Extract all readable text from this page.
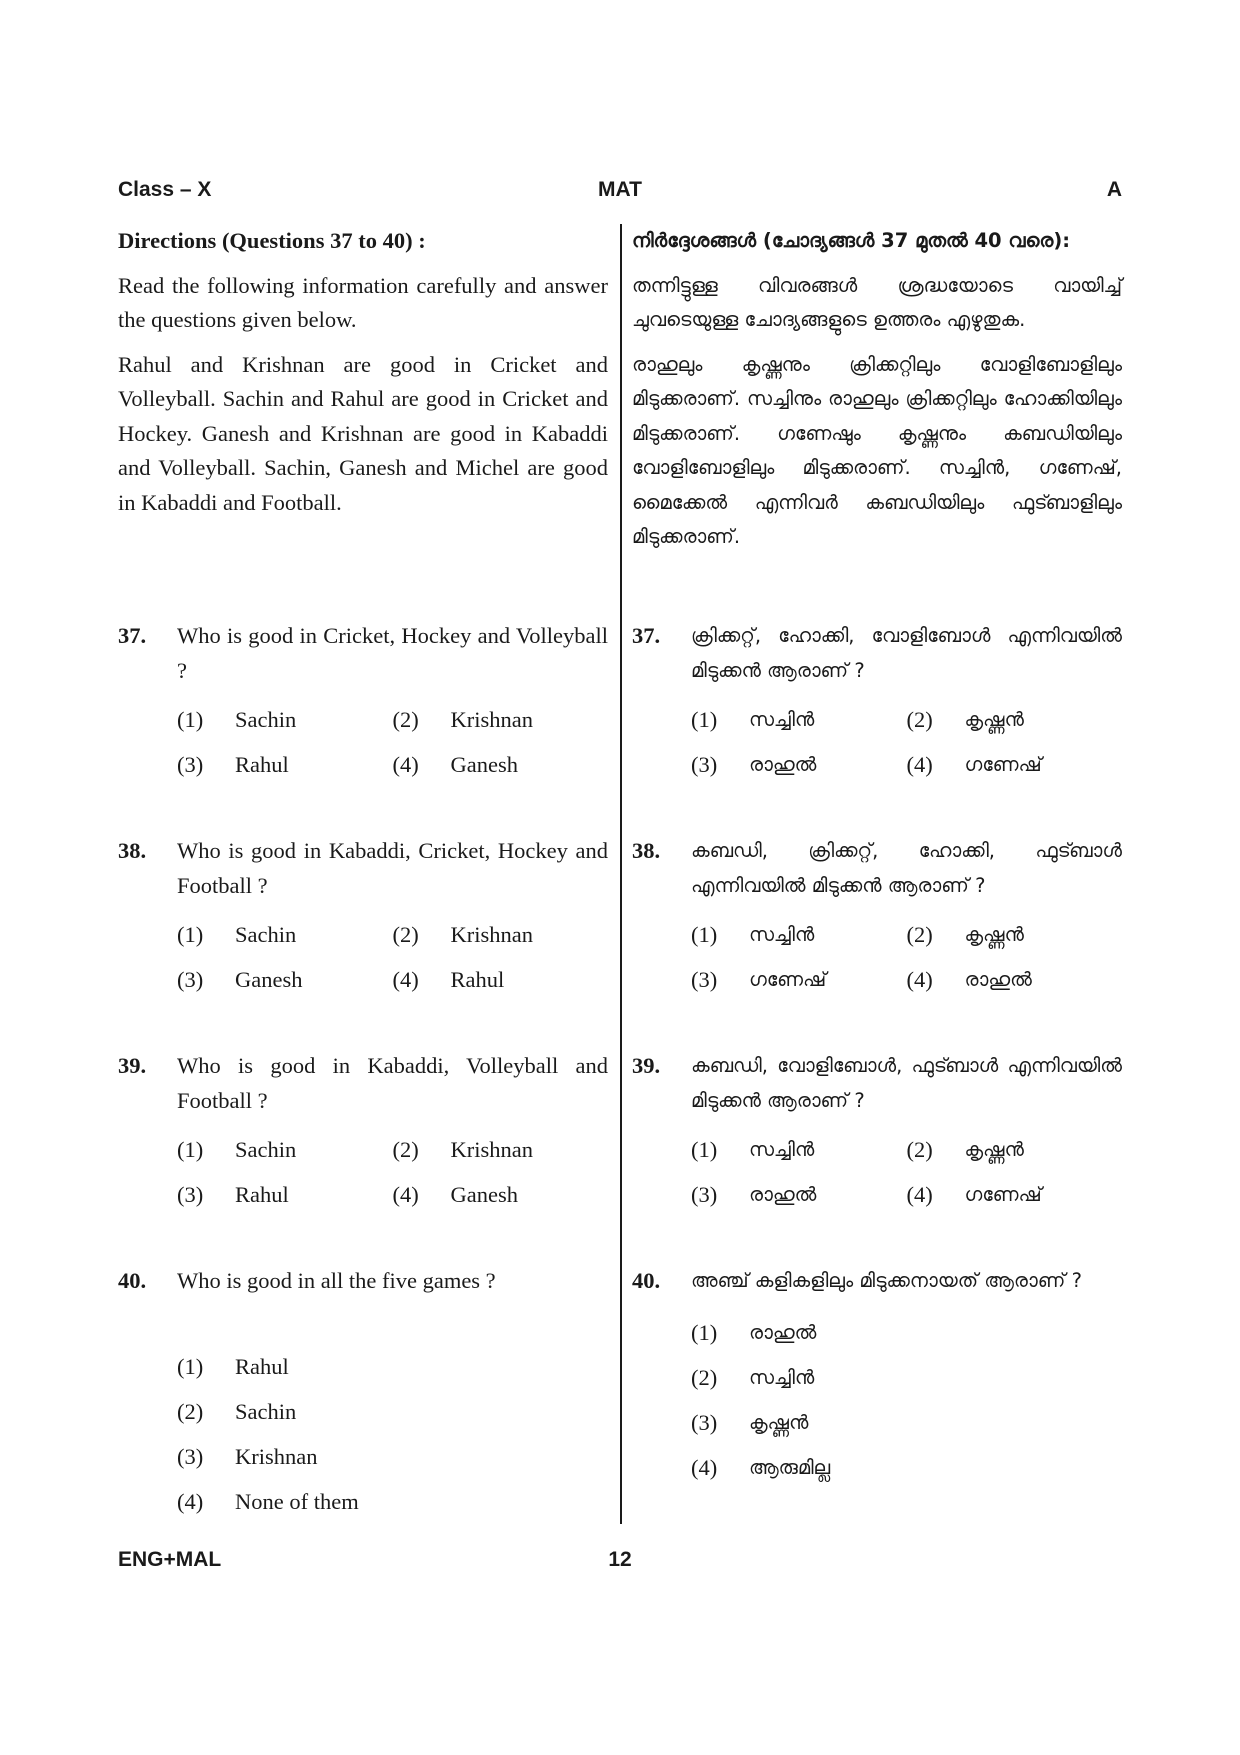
Class – X	MAT	A
Directions (Questions 37 to 40) :
Read the following information carefully and answer the questions given below.
Rahul and Krishnan are good in Cricket and Volleyball. Sachin and Rahul are good in Cricket and Hockey. Ganesh and Krishnan are good in Kabaddi and Volleyball. Sachin, Ganesh and Michel are good in Kabaddi and Football.
37. Who is good in Cricket, Hockey and Volleyball ?
(1)	Sachin	(2)	Krishnan
(3)	Rahul	(4)	Ganesh
38. Who is good in Kabaddi, Cricket, Hockey and Football ?
(1)	Sachin	(2)	Krishnan
(3)	Ganesh	(4)	Rahul
39. Who is good in Kabaddi, Volleyball and Football ?
(1)	Sachin	(2)	Krishnan
(3)	Rahul	(4)	Ganesh
40. Who is good in all the five games ?
(1)	Rahul
(2)	Sachin
(3)	Krishnan
(4)	None of them
നിർദ്ദേശങ്ങൾ (ചോദ്യങ്ങൾ 37 മുതൽ 40 വരെ):
തന്നിട്ടുള്ള വിവരങ്ങൾ ശ്രദ്ധയോടെ വായിച്ച് ചുവടെയുള്ള ചോദ്യങ്ങളുടെ ഉത്തരം എഴുതുക.
രാഹുലും കൃഷ്ണനും ക്രിക്കറ്റിലും വോളിബോളിലും മിടുക്കരാണ്. സച്ചിനും രാഹുലും ക്രിക്കറ്റിലും ഹോക്കിയിലും മിടുക്കരാണ്. ഗണേഷും കൃഷ്ണനും കബഡിയിലും വോളിബോളിലും മിടുക്കരാണ്. സച്ചിൻ, ഗണേഷ്, മൈക്കേൽ എന്നിവർ കബഡിയിലും ഫുട്ബാളിലും മിടുക്കരാണ്.
37. ക്രിക്കറ്റ്, ഹോക്കി, വോളിബോൾ എന്നിവയിൽ മിടുക്കൻ ആരാണ് ?
(1)	സച്ചിൻ	(2)	കൃഷ്ണൻ
(3)	രാഹുൽ	(4)	ഗണേഷ്
38. കബഡി, ക്രിക്കറ്റ്, ഹോക്കി, ഫുട്ബാൾ എന്നിവയിൽ മിടുക്കൻ ആരാണ് ?
(1)	സച്ചിൻ	(2)	കൃഷ്ണൻ
(3)	ഗണേഷ്	(4)	രാഹുൽ
39. കബഡി, വോളിബോൾ, ഫുട്ബാൾ എന്നിവയിൽ മിടുക്കൻ ആരാണ് ?
(1)	സച്ചിൻ	(2)	കൃഷ്ണൻ
(3)	രാഹുൽ	(4)	ഗണേഷ്
40. അഞ്ച് കളികളിലും മിടുക്കനായത് ആരാണ് ?
(1)	രാഹുൽ
(2)	സച്ചിൻ
(3)	കൃഷ്ണൻ
(4)	ആരുമില്ല
ENG+MAL	12
